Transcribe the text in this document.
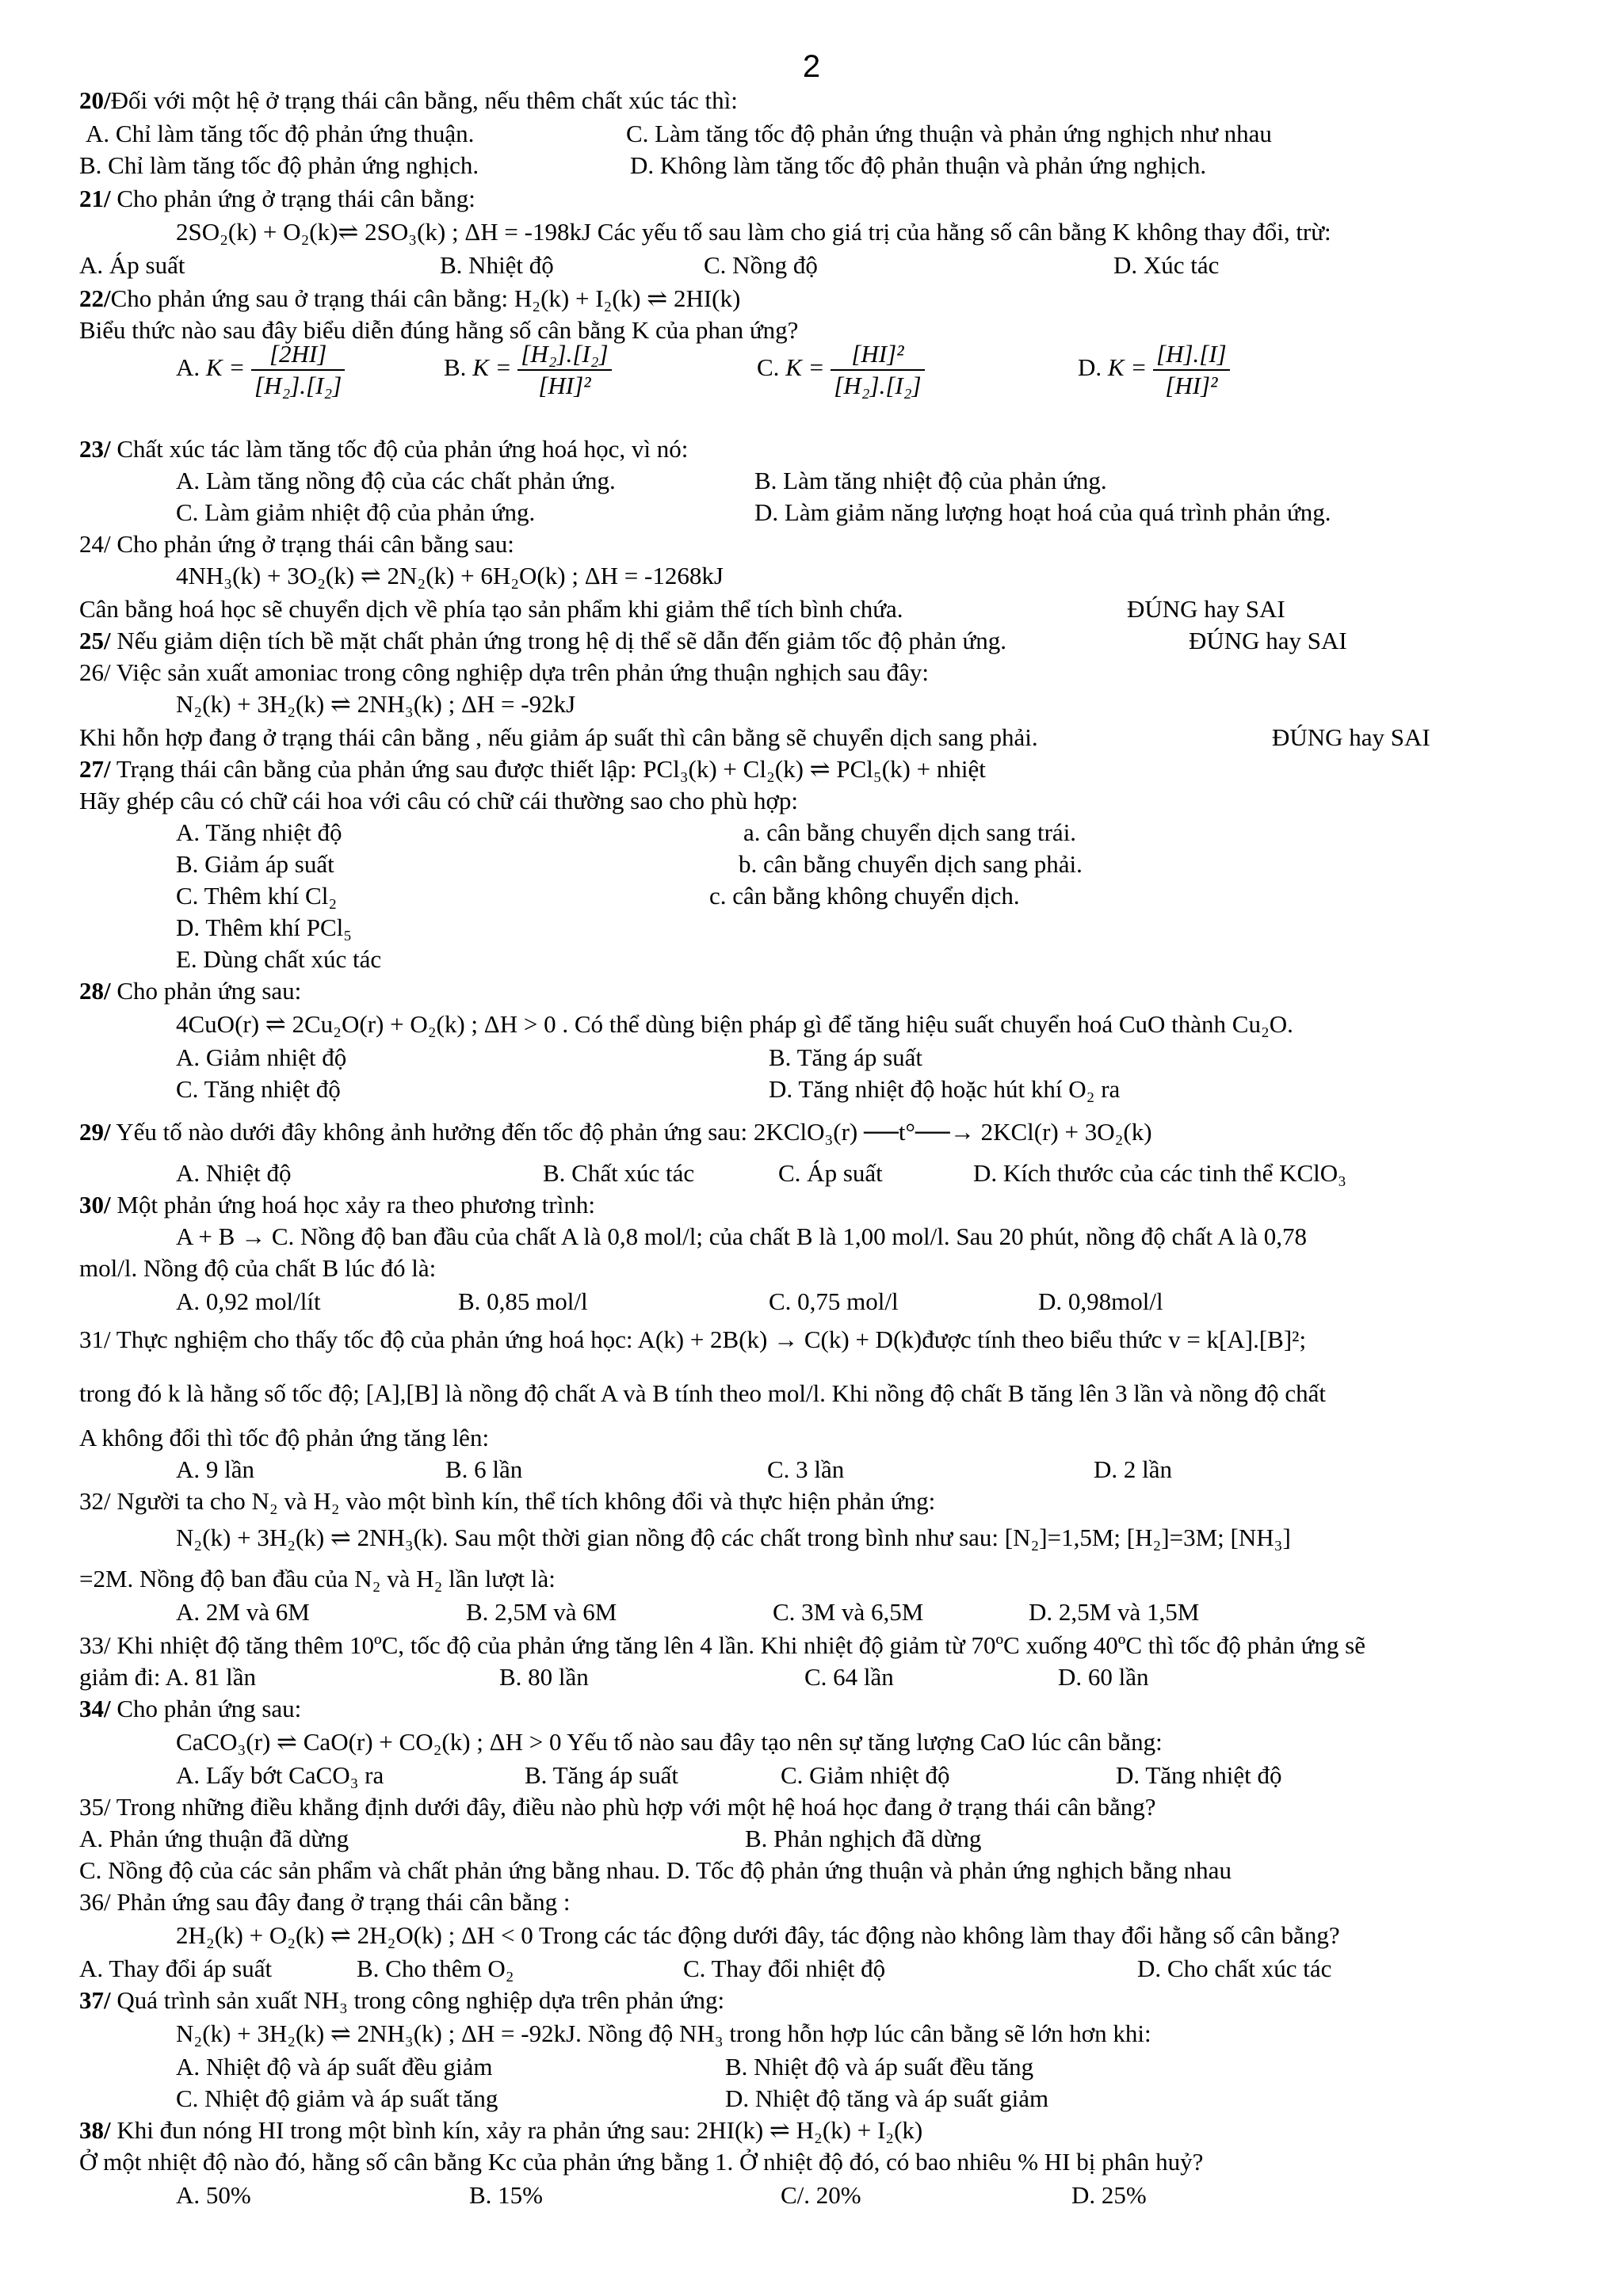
2
20/Đối với một hệ ở trạng thái cân bằng, nếu thêm chất xúc tác thì:
A. Chỉ làm tăng tốc độ phản ứng thuận.	C. Làm tăng tốc độ phản ứng thuận và phản ứng nghịch như nhau
B. Chỉ làm tăng tốc độ phản ứng nghịch.	D. Không làm tăng tốc độ phản thuận và phản ứng nghịch.
21/ Cho phản ứng ở trạng thái cân bằng:
2SO₂(k) + O₂(k)⇌ 2SO₃(k) ; ΔH = -198kJ Các yếu tố sau làm cho giá trị của hằng số cân bằng K không thay đổi, trừ:
A. Áp suất	B. Nhiệt độ	C. Nồng độ	D. Xúc tác
22/Cho phản ứng sau ở trạng thái cân bằng: H₂(k) + I₂(k) ⇌ 2HI(k)
Biểu thức nào sau đây biểu diễn đúng hằng số cân bằng K của phan ứng?
23/ Chất xúc tác làm tăng tốc độ của phản ứng hoá học, vì nó:
A. Làm tăng nồng độ của các chất phản ứng.	B. Làm tăng nhiệt độ của phản ứng.
C. Làm giảm nhiệt độ của phản ứng.	D. Làm giảm năng lượng hoạt hoá của quá trình phản ứng.
24/ Cho phản ứng ở trạng thái cân bằng sau:
4NH₃(k) + 3O₂(k) ⇌ 2N₂(k) + 6H₂O(k) ; ΔH = -1268kJ
Cân bằng hoá học sẽ chuyển dịch về phía tạo sản phẩm khi giảm thể tích bình chứa.	ĐÚNG hay SAI
25/ Nếu giảm diện tích bề mặt chất phản ứng trong hệ dị thể sẽ dẫn đến giảm tốc độ phản ứng.	ĐÚNG hay SAI
26/ Việc sản xuất amoniac trong công nghiệp dựa trên phản ứng thuận nghịch sau đây:
N₂(k) + 3H₂(k) ⇌ 2NH₃(k) ; ΔH = -92kJ
Khi hỗn hợp đang ở trạng thái cân bằng , nếu giảm áp suất thì cân bằng sẽ chuyển dịch sang phải.	ĐÚNG hay SAI
27/ Trạng thái cân bằng của phản ứng sau được thiết lập: PCl₃(k) + Cl₂(k) ⇌ PCl₅(k) + nhiệt
Hãy ghép câu có chữ cái hoa với câu có chữ cái thường sao cho phù hợp:
A. Tăng nhiệt độ	a. cân bằng chuyển dịch sang trái.
B. Giảm áp suất	b. cân bằng chuyển dịch sang phải.
C. Thêm khí Cl₂	c. cân bằng không chuyển dịch.
D. Thêm khí PCl₅
E. Dùng chất xúc tác
28/ Cho phản ứng sau:
4CuO(r) ⇌ 2Cu₂O(r) + O₂(k) ; ΔH > 0 . Có thể dùng biện pháp gì để tăng hiệu suất chuyển hoá CuO thành Cu₂O.
A. Giảm nhiệt độ	B. Tăng áp suất
C. Tăng nhiệt độ	D. Tăng nhiệt độ hoặc hút khí O₂ ra
29/ Yếu tố nào dưới đây không ảnh hưởng đến tốc độ phản ứng sau: 2KClO₃(r) ──t°──→ 2KCl(r) + 3O₂(k)
A. Nhiệt độ	B. Chất xúc tác	C. Áp suất	D. Kích thước của các tinh thể KClO₃
30/ Một phản ứng hoá học xảy ra theo phương trình:
A + B → C. Nồng độ ban đầu của chất A là 0,8 mol/l; của chất B là 1,00 mol/l. Sau 20 phút, nồng độ chất A là 0,78
mol/l. Nồng độ của chất B lúc đó là:
A. 0,92 mol/lít	B. 0,85 mol/l	C. 0,75 mol/l	D. 0,98mol/l
31/ Thực nghiệm cho thấy tốc độ của phản ứng hoá học: A(k) + 2B(k) → C(k) + D(k)được tính theo biểu thức v = k[A].[B]²;
trong đó k là hằng số tốc độ; [A],[B] là nồng độ chất A và B tính theo mol/l. Khi nồng độ chất B tăng lên 3 lần và nồng độ chất
A không đổi thì tốc độ phản ứng tăng lên:
A. 9 lần	B. 6 lần	C. 3 lần	D. 2 lần
32/ Người ta cho N₂ và H₂ vào một bình kín, thể tích không đổi và thực hiện phản ứng:
N₂(k) + 3H₂(k) ⇌ 2NH₃(k). Sau một thời gian nồng độ các chất trong bình như sau: [N₂]=1,5M; [H₂]=3M; [NH₃]
=2M. Nồng độ ban đầu của N₂ và H₂ lần lượt là:
A. 2M và 6M	B. 2,5M và 6M	C. 3M và 6,5M	D. 2,5M và 1,5M
33/ Khi nhiệt độ tăng thêm 10ºC, tốc độ của phản ứng tăng lên 4 lần. Khi nhiệt độ giảm từ 70ºC xuống 40ºC thì tốc độ phản ứng sẽ
giảm đi: A. 81 lần	B. 80 lần	C. 64 lần	D. 60 lần
34/ Cho phản ứng sau:
CaCO₃(r) ⇌ CaO(r) + CO₂(k) ; ΔH > 0 Yếu tố nào sau đây tạo nên sự tăng lượng CaO lúc cân bằng:
A. Lấy bớt CaCO₃ ra	B. Tăng áp suất	C. Giảm nhiệt độ	D. Tăng nhiệt độ
35/ Trong những điều khẳng định dưới đây, điều nào phù hợp với một hệ hoá học đang ở trạng thái cân bằng?
A. Phản ứng thuận đã dừng	B. Phản nghịch đã dừng
C. Nồng độ của các sản phẩm và chất phản ứng bằng nhau. D. Tốc độ phản ứng thuận và phản ứng nghịch bằng nhau
36/ Phản ứng sau đây đang ở trạng thái cân bằng :
2H₂(k) + O₂(k) ⇌ 2H₂O(k) ; ΔH < 0 Trong các tác động dưới đây, tác động nào không làm thay đổi hằng số cân bằng?
A. Thay đổi áp suất	B. Cho thêm O₂	C. Thay đổi nhiệt độ	D. Cho chất xúc tác
37/ Quá trình sản xuất NH₃ trong công nghiệp dựa trên phản ứng:
N₂(k) + 3H₂(k) ⇌ 2NH₃(k) ; ΔH = -92kJ. Nồng độ NH₃ trong hỗn hợp lúc cân bằng sẽ lớn hơn khi:
A. Nhiệt độ và áp suất đều giảm	B. Nhiệt độ và áp suất đều tăng
C. Nhiệt độ giảm và áp suất tăng	D. Nhiệt độ tăng và áp suất giảm
38/ Khi đun nóng HI trong một bình kín, xảy ra phản ứng sau: 2HI(k) ⇌ H₂(k) + I₂(k)
Ở một nhiệt độ nào đó, hằng số cân bằng Kc của phản ứng bằng 1. Ở nhiệt độ đó, có bao nhiêu % HI bị phân huỷ?
A. 50%	B. 15%	C/. 20%	D. 25%
A. $K = \frac{[2HI]}{\text{[H₂].[I₂]}}$	B. $K = \frac{\text{[H₂].[I₂]}}{\text{[HI]²}}$	C. $K = \frac{\text{[HI]²}}{\text{[H₂].[I₂]}}$	D. $K = \frac{[H].[I]}{\text{[HI]²}}$
